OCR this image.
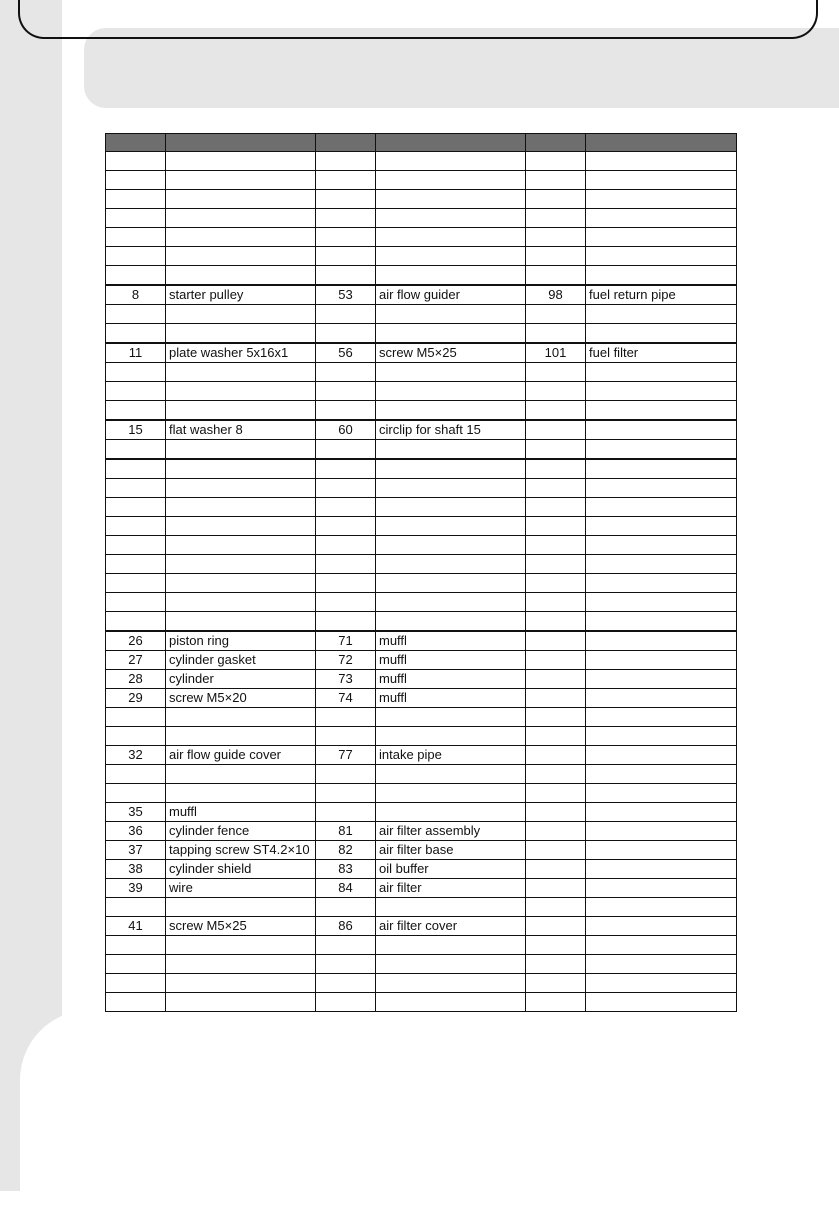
8	starter pulley	53	air flow guider	98	fuel return pipe

11	plate washer 5x16x1	56	screw M5×25	101	fuel filter

15	flat washer 8	60	circlip for shaft 15		

26	piston ring	71	muffl		
27	cylinder gasket	72	muffl		
28	cylinder	73	muffl		
29	screw M5×20	74	muffl		

32	air flow guide cover	77	intake pipe		

35	muffl				
36	cylinder fence	81	air filter assembly		
37	tapping screw ST4.2×10	82	air filter base		
38	cylinder shield	83	oil buffer		
39	wire	84	air filter		

41	screw M5×25	86	air filter cover		
